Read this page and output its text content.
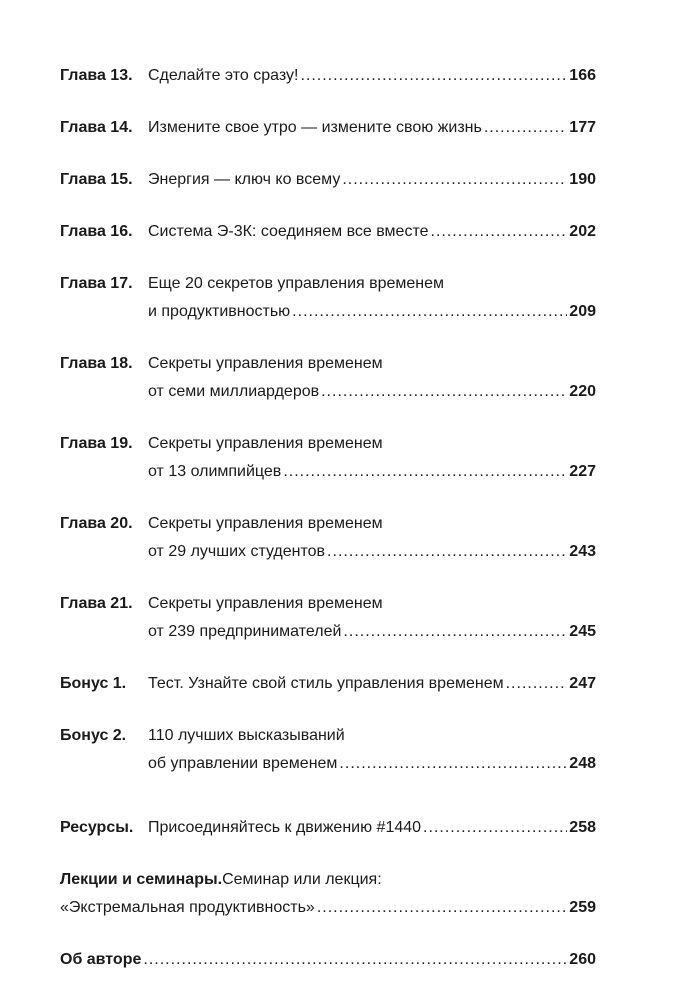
Глава 13. Сделайте это сразу! .....	166
Глава 14. Измените свое утро — измените свою жизнь .....	177
Глава 15. Энергия — ключ ко всему .....	190
Глава 16. Система Э-3К: соединяем все вместе .....	202
Глава 17. Еще 20 секретов управления временем
и продуктивностью .....	209
Глава 18. Секреты управления временем
от семи миллиардеров .....	220
Глава 19. Секреты управления временем
от 13 олимпийцев .....	227
Глава 20. Секреты управления временем
от 29 лучших студентов .....	243
Глава 21. Секреты управления временем
от 239 предпринимателей .....	245
Бонус 1. Тест. Узнайте свой стиль управления временем .....	247
Бонус 2. 110 лучших высказываний
об управлении временем .....	248
Ресурсы. Присоединяйтесь к движению #1440 .....	258
Лекции и семинары. Семинар или лекция:
«Экстремальная продуктивность» .....	259
Об авторе .....	260
